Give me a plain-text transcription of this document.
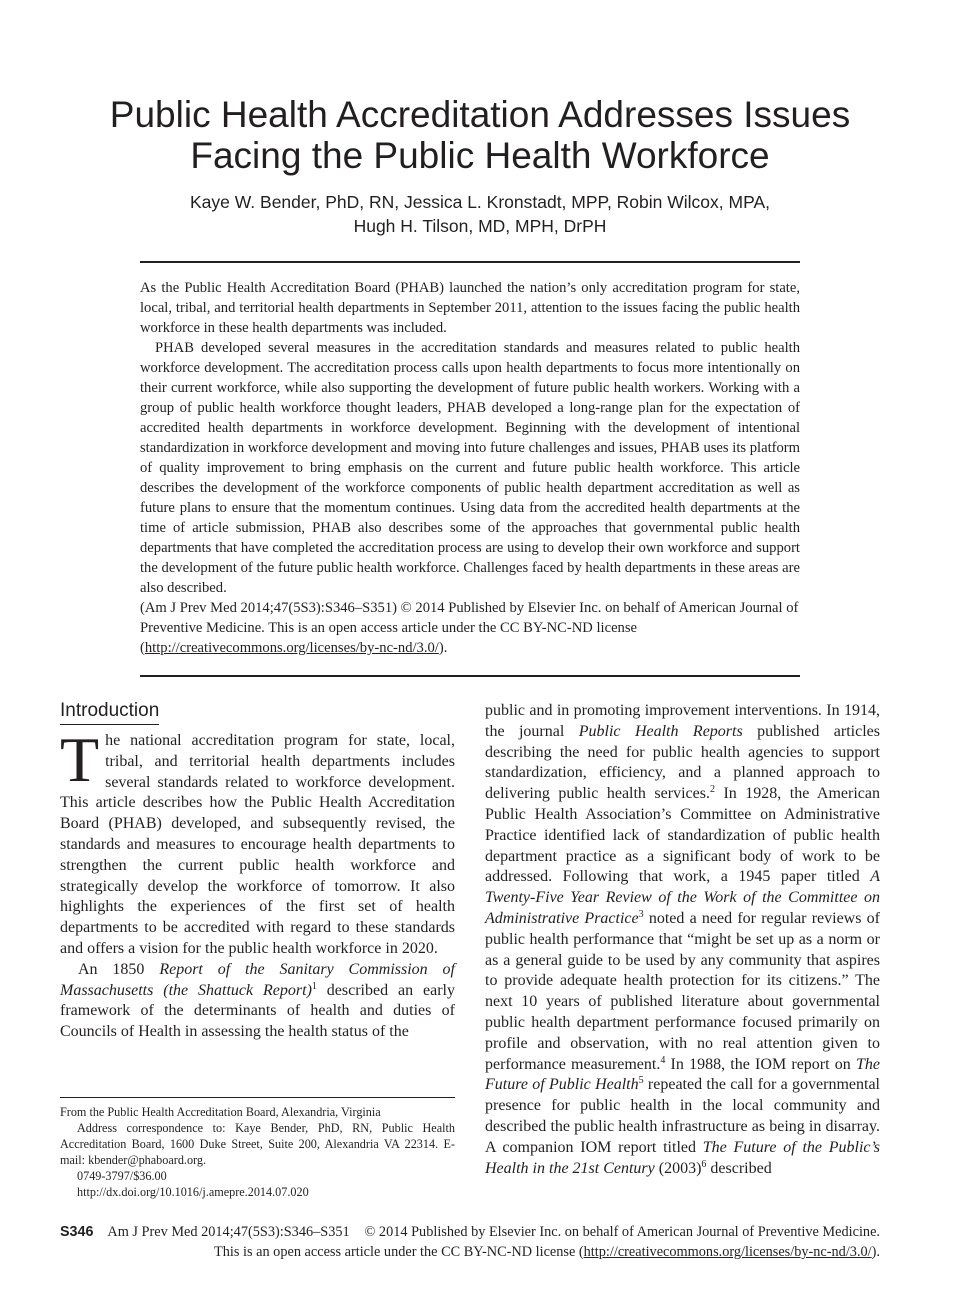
Public Health Accreditation Addresses Issues
Facing the Public Health Workforce
Kaye W. Bender, PhD, RN, Jessica L. Kronstadt, MPP, Robin Wilcox, MPA,
Hugh H. Tilson, MD, MPH, DrPH

As the Public Health Accreditation Board (PHAB) launched the nation’s only accreditation program for state, local, tribal, and territorial health departments in September 2011, attention to the issues facing the public health workforce in these health departments was included.

PHAB developed several measures in the accreditation standards and measures related to public health workforce development. The accreditation process calls upon health departments to focus more intentionally on their current workforce, while also supporting the development of future public health workers. Working with a group of public health workforce thought leaders, PHAB developed a long-range plan for the expectation of accredited health departments in workforce development. Beginning with the development of intentional standardization in workforce development and moving into future challenges and issues, PHAB uses its platform of quality improvement to bring emphasis on the current and future public health workforce. This article describes the development of the workforce components of public health department accreditation as well as future plans to ensure that the momentum continues. Using data from the accredited health departments at the time of article submission, PHAB also describes some of the approaches that governmental public health departments that have completed the accreditation process are using to develop their own workforce and support the development of the future public health workforce. Challenges faced by health departments in these areas are also described.

(Am J Prev Med 2014;47(5S3):S346–S351) © 2014 Published by Elsevier Inc. on behalf of American Journal of Preventive Medicine. This is an open access article under the CC BY-NC-ND license
(http://creativecommons.org/licenses/by-nc-nd/3.0/).

Introduction

The national accreditation program for state, local, tribal, and territorial health departments includes several standards related to workforce development. This article describes how the Public Health Accreditation Board (PHAB) developed, and subsequently revised, the standards and measures to encourage health departments to strengthen the current public health workforce and strategically develop the workforce of tomorrow. It also highlights the experiences of the first set of health departments to be accredited with regard to these standards and offers a vision for the public health workforce in 2020.

An 1850 Report of the Sanitary Commission of Massachusetts (the Shattuck Report)$^1$ described an early framework of the determinants of health and duties of Councils of Health in assessing the health status of the

public and in promoting improvement interventions. In 1914, the journal Public Health Reports published articles describing the need for public health agencies to support standardization, efficiency, and a planned approach to delivering public health services.$^2$ In 1928, the American Public Health Association’s Committee on Administrative Practice identified lack of standardization of public health department practice as a significant body of work to be addressed. Following that work, a 1945 paper titled A Twenty-Five Year Review of the Work of the Committee on Administrative Practice$^3$ noted a need for regular reviews of public health performance that “might be set up as a norm or as a general guide to be used by any community that aspires to provide adequate health protection for its citizens.” The next 10 years of published literature about governmental public health department performance focused primarily on profile and observation, with no real attention given to performance measurement.$^4$ In 1988, the IOM report on The Future of Public Health$^5$ repeated the call for a governmental presence for public health in the local community and described the public health infrastructure as being in disarray. A companion IOM report titled The Future of the Public’s Health in the 21st Century $(2003)^6$ described

From the Public Health Accreditation Board, Alexandria, Virginia

Address correspondence to: Kaye Bender, PhD, RN, Public Health Accreditation Board, 1600 Duke Street, Suite 200, Alexandria VA 22314. E-mail: kbender@phaboard.org.

0749-3797/$36.00

http://dx.doi.org/10.1016/j.amepre.2014.07.020

S346 Am J Prev Med 2014;47(5S3):S346–S351 © 2014 Published by Elsevier Inc. on behalf of American Journal of Preventive Medicine.
This is an open access article under the CC BY-NC-ND license (http://creativecommons.org/licenses/by-nc-nd/3.0/).
